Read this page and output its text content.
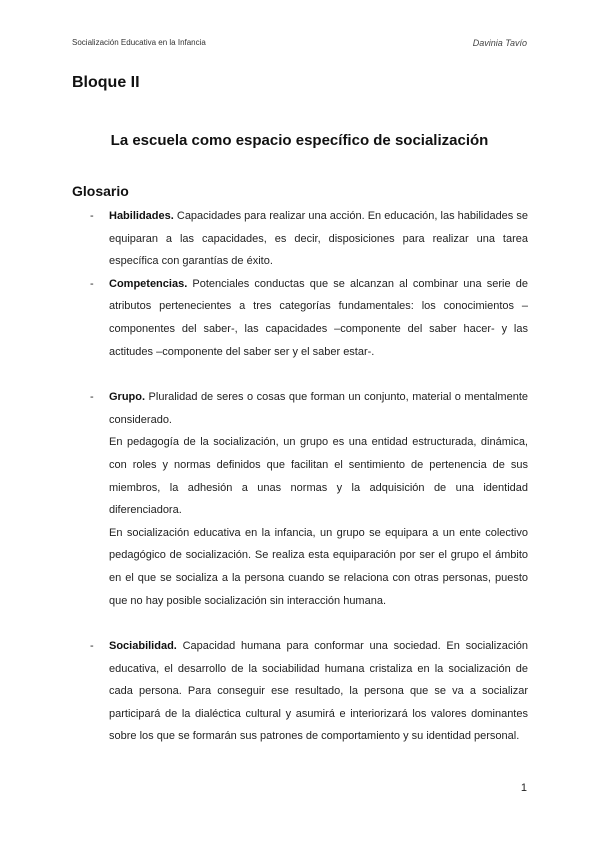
Socialización Educativa en la Infancia	Davinia Tavío
Bloque II
La escuela como espacio específico de socialización
Glosario
- Habilidades. Capacidades para realizar una acción. En educación, las habilidades se equiparan a las capacidades, es decir, disposiciones para realizar una tarea específica con garantías de éxito.

- Competencias. Potenciales conductas que se alcanzan al combinar una serie de atributos pertenecientes a tres categorías fundamentales: los conocimientos –componentes del saber-, las capacidades –componente del saber hacer- y las actitudes –componente del saber ser y el saber estar-.

- Grupo. Pluralidad de seres o cosas que forman un conjunto, material o mentalmente considerado.

En pedagogía de la socialización, un grupo es una entidad estructurada, dinámica, con roles y normas definidos que facilitan el sentimiento de pertenencia de sus miembros, la adhesión a unas normas y la adquisición de una identidad diferenciadora.

En socialización educativa en la infancia, un grupo se equipara a un ente colectivo pedagógico de socialización. Se realiza esta equiparación por ser el grupo el ámbito en el que se socializa a la persona cuando se relaciona con otras personas, puesto que no hay posible socialización sin interacción humana.

- Sociabilidad. Capacidad humana para conformar una sociedad. En socialización educativa, el desarrollo de la sociabilidad humana cristaliza en la socialización de cada persona. Para conseguir ese resultado, la persona que se va a socializar participará de la dialéctica cultural y asumirá e interiorizará los valores dominantes sobre los que se formarán sus patrones de comportamiento y su identidad personal.

1
